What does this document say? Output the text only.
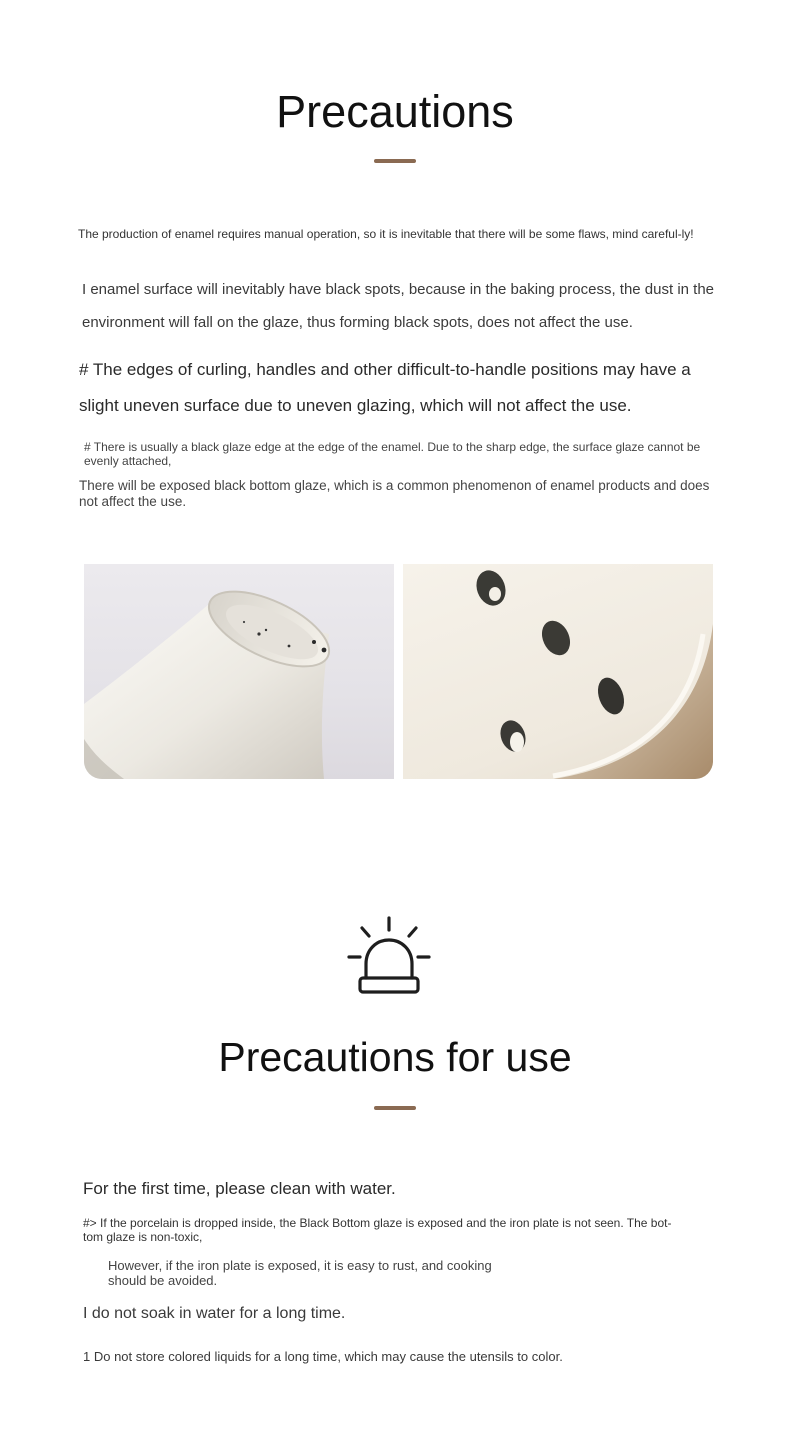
Precautions

The production of enamel requires manual operation, so it is inevitable that there will be some flaws, mind careful-ly!

I enamel surface will inevitably have black spots, because in the baking process, the dust in the

environment will fall on the glaze, thus forming black spots, does not affect the use.

# The edges of curling, handles and other difficult-to-handle positions may have a

slight uneven surface due to uneven glazing, which will not affect the use.

# There is usually a black glaze edge at the edge of the enamel. Due to the sharp edge, the surface glaze cannot be evenly attached,

There will be exposed black bottom glaze, which is a common phenomenon of enamel products and does not affect the use.

Precautions for use

For the first time, please clean with water.

#> If the porcelain is dropped inside, the Black Bottom glaze is exposed and the iron plate is not seen. The bot-tom glaze is non-toxic,

However, if the iron plate is exposed, it is easy to rust, and cooking should be avoided.

I do not soak in water for a long time.

1 Do not store colored liquids for a long time, which may cause the utensils to color.
